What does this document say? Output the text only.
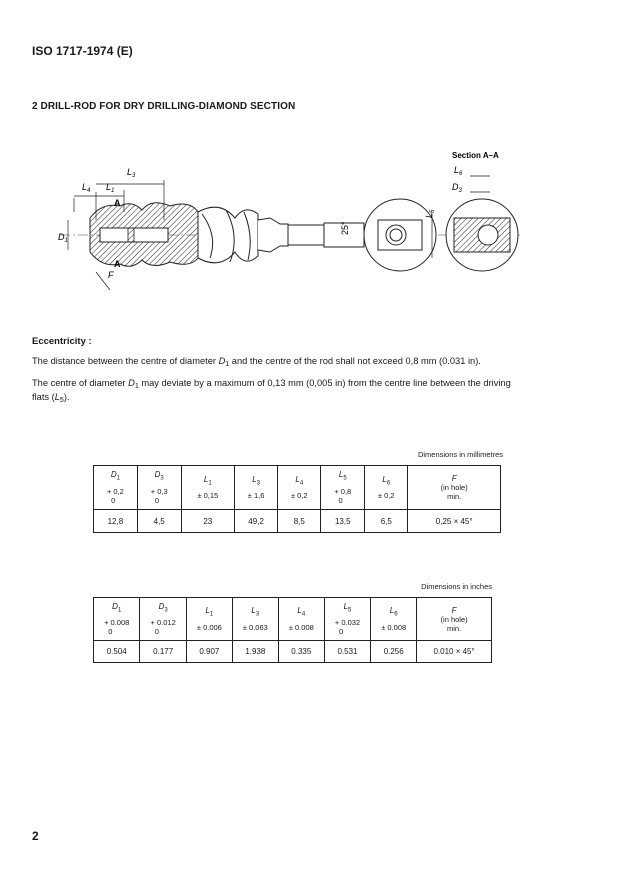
ISO 1717-1974 (E)
2 DRILL-ROD FOR DRY DRILLING-DIAMOND SECTION
$L_3$
$L_4$ $L_1$
A
A
$D_1$
F
25°
$L_5$
Section A–A
$L_6$
$D_3$
Eccentricity :
The distance between the centre of diameter $D_1$ and the centre of the rod shall not exceed 0,8 mm (0.031 in).
The centre of diameter $D_1$ may deviate by a maximum of 0,13 mm (0,005 in) from the centre line between the driving flats $(L_5)$.
Dimensions in millimetres
$D_1$
+ 0,2
0	$D_3$
+ 0,3
0	$L_1$
± 0,15	$L_3$
± 1,6	$L_4$
± 0,2	$L_5$
+ 0,8
0	$L_6$
± 0,2	F
(in hole)
min.
12,8	4,5	23	49,2	8,5	13,5	6,5	0,25 × 45°
Dimensions in inches
$D_1$
+ 0.008
0	$D_3$
+ 0.012
0	$L_1$
± 0.006	$L_3$
± 0.063	$L_4$
± 0.008	$L_5$
+ 0.032
0	$L_6$
± 0.008	F
(in hole)
min.
0.504	0.177	0.907	1.938	0.335	0.531	0.256	0.010 × 45°
2
